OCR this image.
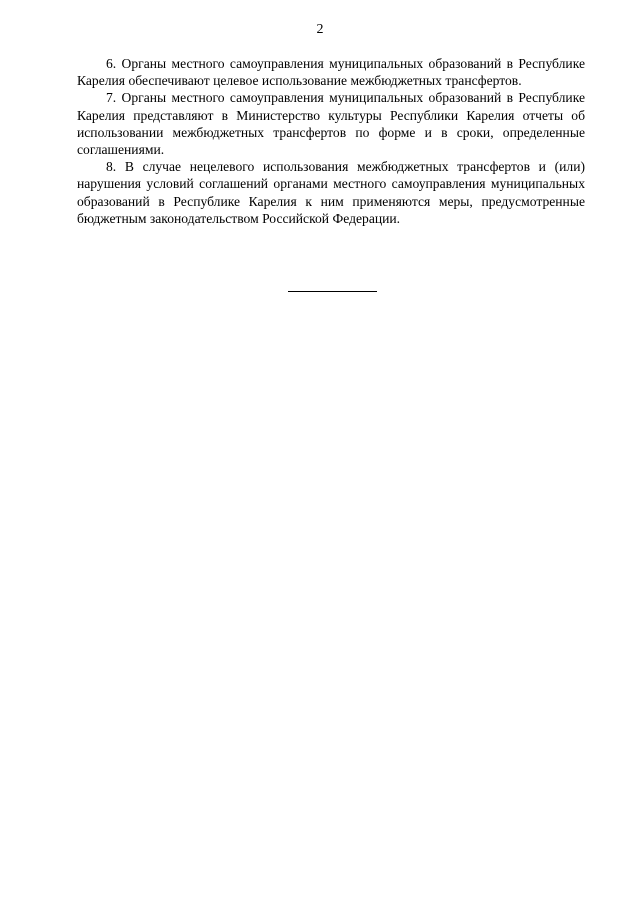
2

6. Органы местного самоуправления муниципальных образований в Республике Карелия обеспечивают целевое использование межбюджетных трансфертов.

7. Органы местного самоуправления муниципальных образований в Республике Карелия представляют в Министерство культуры Республики Карелия отчеты об использовании межбюджетных трансфертов по форме и в сроки, определенные соглашениями.

8. В случае нецелевого использования межбюджетных трансфертов и (или) нарушения условий соглашений органами местного самоуправления муниципальных образований в Республике Карелия к ним применяются меры, предусмотренные бюджетным законодательством Российской Федерации.
